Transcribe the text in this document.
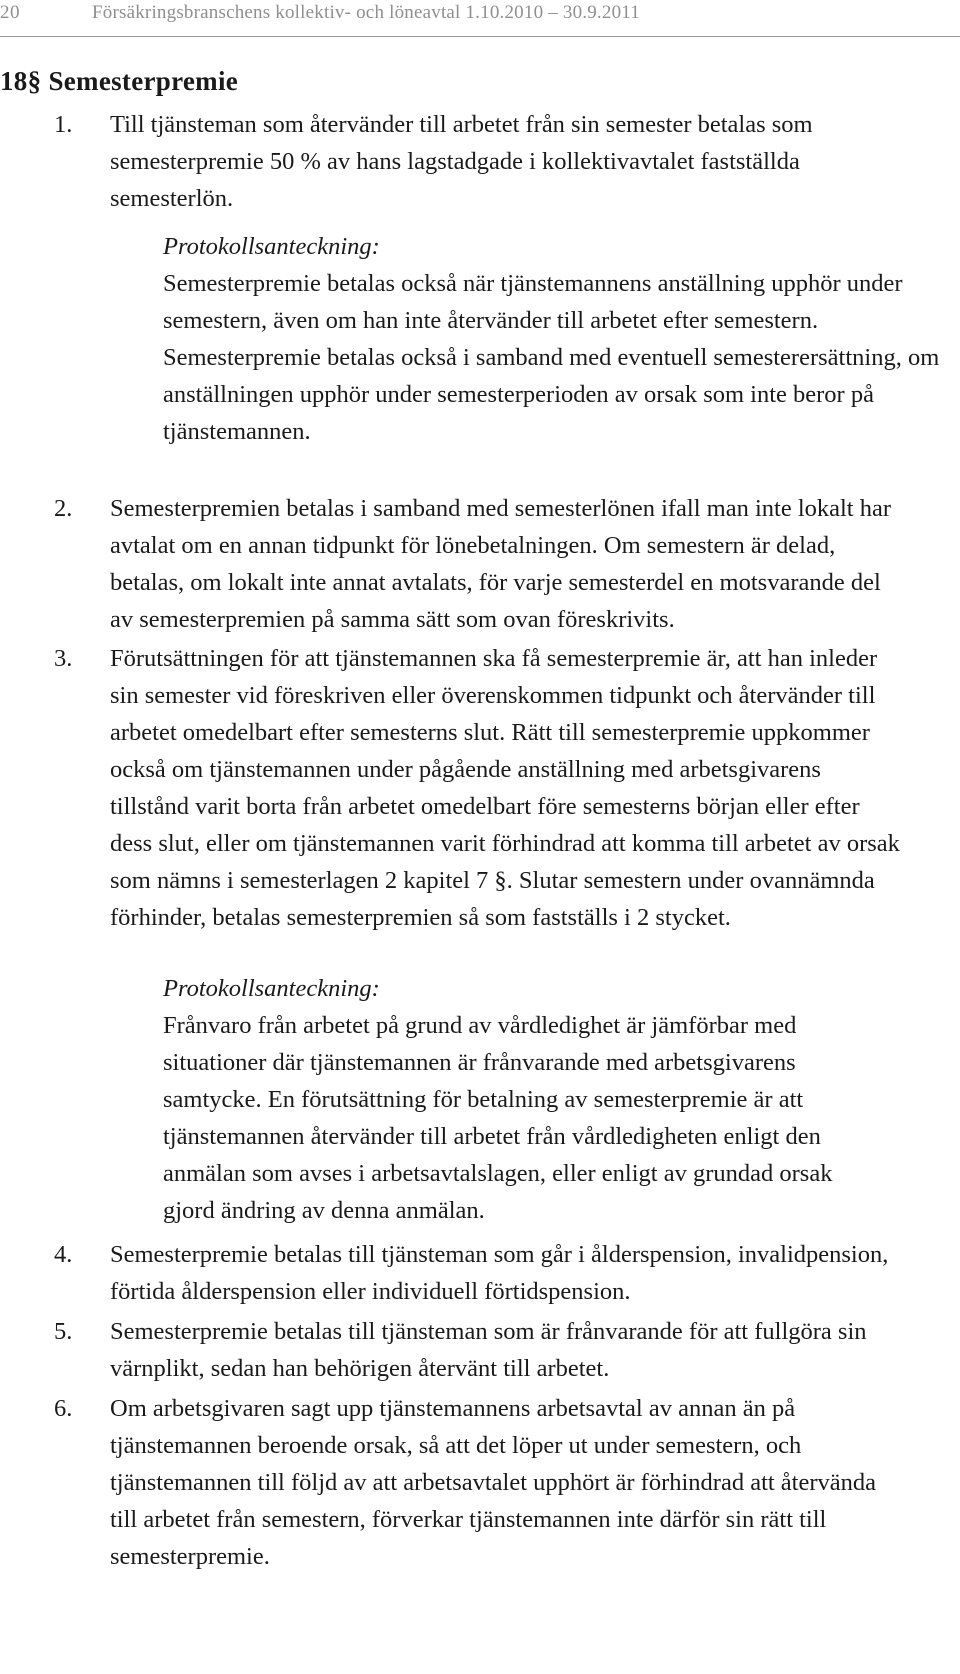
20	Försäkringsbranschens kollektiv- och löneavtal 1.10.2010 – 30.9.2011
18§ Semesterpremie
1. Till tjänsteman som återvänder till arbetet från sin semester betalas som semesterpremie 50 % av hans lagstadgade i kollektivavtalet fastställda semesterlön.
Protokollsanteckning:

Semesterpremie betalas också när tjänstemannens anställning upphör under semestern, även om han inte återvänder till arbetet efter semestern.

Semesterpremie betalas också i samband med eventuell semesterersättning, om anställningen upphör under semesterperioden av orsak som inte beror på tjänstemannen.

2. Semesterpremien betalas i samband med semesterlönen ifall man inte lokalt har avtalat om en annan tidpunkt för lönebetalningen. Om semestern är delad, betalas, om lokalt inte annat avtalats, för varje semesterdel en motsvarande del av semesterpremien på samma sätt som ovan föreskrivits.
3. Förutsättningen för att tjänstemannen ska få semesterpremie är, att han inleder sin semester vid föreskriven eller överenskommen tidpunkt och återvänder till arbetet omedelbart efter semesterns slut. Rätt till semesterpremie uppkommer också om tjänstemannen under pågående anställning med arbetsgivarens tillstånd varit borta från arbetet omedelbart före semesterns början eller efter dess slut, eller om tjänstemannen varit förhindrad att komma till arbetet av orsak som nämns i semesterlagen 2 kapitel 7 §. Slutar semestern under ovannämnda förhinder, betalas semesterpremien så som fastställs i 2 stycket.
Protokollsanteckning:

Frånvaro från arbetet på grund av vårdledighet är jämförbar med situationer där tjänstemannen är frånvarande med arbetsgivarens samtycke. En förutsättning för betalning av semesterpremie är att tjänstemannen återvänder till arbetet från vårdledigheten enligt den anmälan som avses i arbetsavtalslagen, eller enligt av grundad orsak gjord ändring av denna anmälan.

4. Semesterpremie betalas till tjänsteman som går i ålderspension, invalidpension, förtida ålderspension eller individuell förtidspension.
5. Semesterpremie betalas till tjänsteman som är frånvarande för att fullgöra sin värnplikt, sedan han behörigen återvänt till arbetet.
6. Om arbetsgivaren sagt upp tjänstemannens arbetsavtal av annan än på tjänstemannen beroende orsak, så att det löper ut under semestern, och tjänstemannen till följd av att arbetsavtalet upphört är förhindrad att återvända till arbetet från semestern, förverkar tjänstemannen inte därför sin rätt till semesterpremie.
